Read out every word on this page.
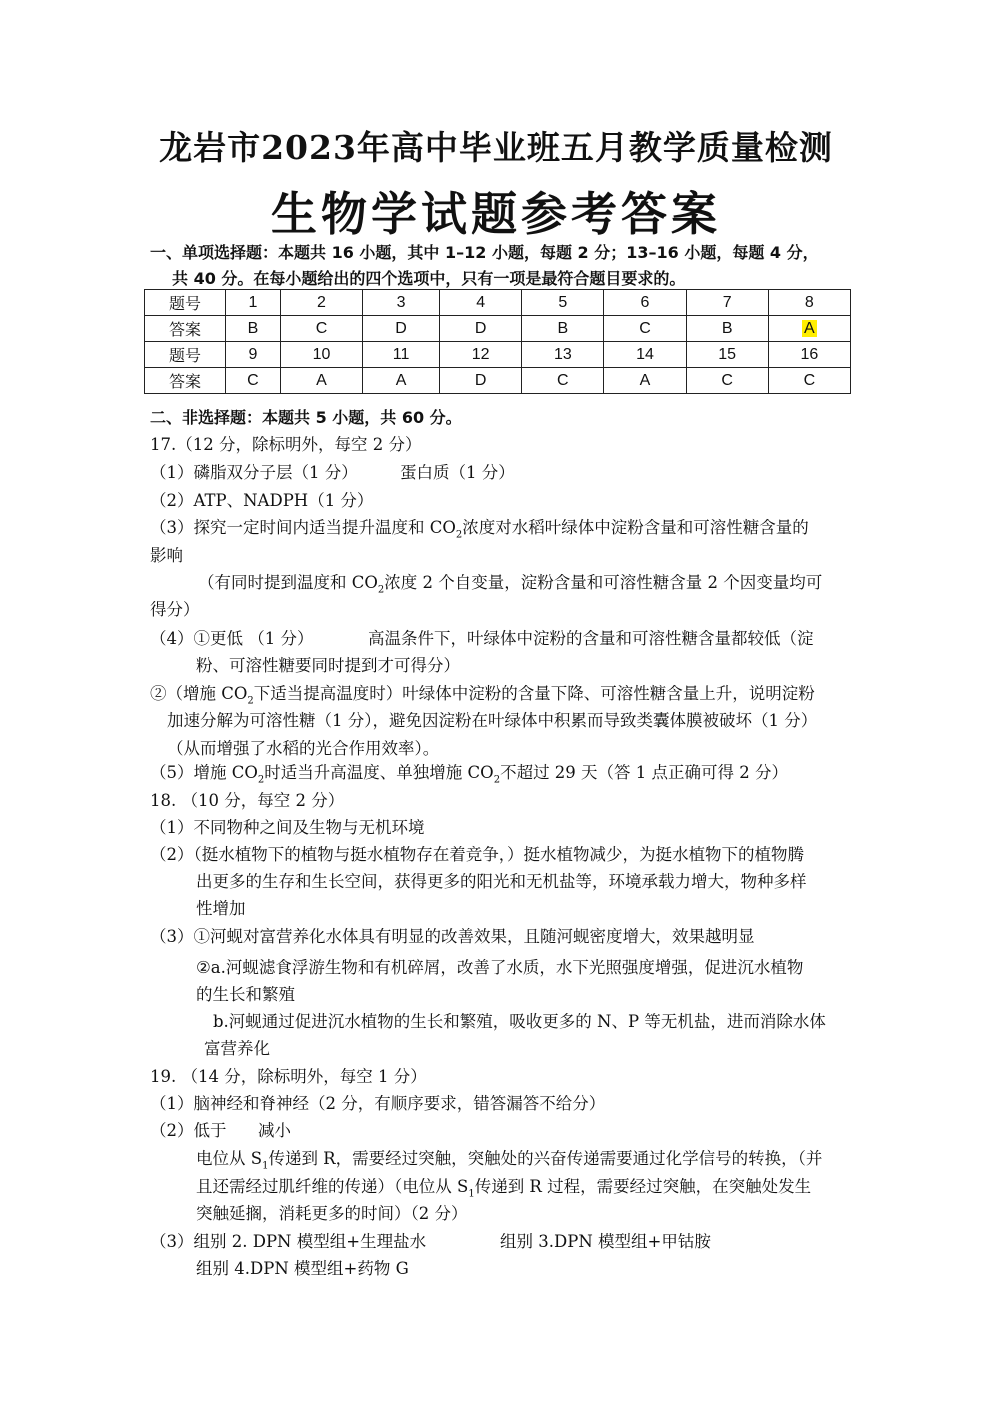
龙岩市2023年高中毕业班五月教学质量检测
生物学试题参考答案
一、单项选择题：本题共 16 小题，其中 1–12 小题，每题 2 分；13–16 小题，每题 4 分，
共 40 分。在每小题给出的四个选项中，只有一项是最符合题目要求的。
题号	1	2	3	4	5	6	7	8
答案	B	C	D	D	B	C	B	A
题号	9	10	11	12	13	14	15	16
答案	C	A	A	D	C	A	C	C
二、非选择题：本题共 5 小题，共 60 分。
17.（12 分，除标明外，每空 2 分）
（1）磷脂双分子层（1 分）	蛋白质（1 分）
（2）ATP、NADPH（1 分）
（3）探究一定时间内适当提升温度和 $CO_2$浓度对水稻叶绿体中淀粉含量和可溶性糖含量的
影响
（有同时提到温度和 $CO_2$浓度 2 个自变量，淀粉含量和可溶性糖含量 2 个因变量均可
得分）
（4）①更低 （1 分）	高温条件下，叶绿体中淀粉的含量和可溶性糖含量都较低（淀
粉、可溶性糖要同时提到才可得分）
②（增施 $CO_2$下适当提高温度时）叶绿体中淀粉的含量下降、可溶性糖含量上升，说明淀粉
加速分解为可溶性糖（1 分），避免因淀粉在叶绿体中积累而导致类囊体膜被破坏（1 分）
（从而增强了水稻的光合作用效率）。
（5）增施 $CO_2$时适当升高温度、单独增施 $CO_2$不超过 29 天（答 1 点正确可得 2 分）
18. （10 分，每空 2 分）
（1）不同物种之间及生物与无机环境
（2）（挺水植物下的植物与挺水植物存在着竞争，）挺水植物减少，为挺水植物下的植物腾
出更多的生存和生长空间，获得更多的阳光和无机盐等，环境承载力增大，物种多样
性增加
（3）①河蚬对富营养化水体具有明显的改善效果，且随河蚬密度增大，效果越明显
②a.河蚬滤食浮游生物和有机碎屑，改善了水质，水下光照强度增强，促进沉水植物
的生长和繁殖
b.河蚬通过促进沉水植物的生长和繁殖，吸收更多的 N、P 等无机盐，进而消除水体
富营养化
19. （14 分，除标明外，每空 1 分）
（1）脑神经和脊神经（2 分，有顺序要求，错答漏答不给分）
（2）低于 减小
电位从 $S_1$传递到 R，需要经过突触，突触处的兴奋传递需要通过化学信号的转换，（并
且还需经过肌纤维的传递）（电位从 $S_1$传递到 R 过程，需要经过突触，在突触处发生
突触延搁，消耗更多的时间）（2 分）
（3）组别 2. DPN 模型组+生理盐水	组别 3.DPN 模型组+甲钴胺
组别 4.DPN 模型组+药物 G
